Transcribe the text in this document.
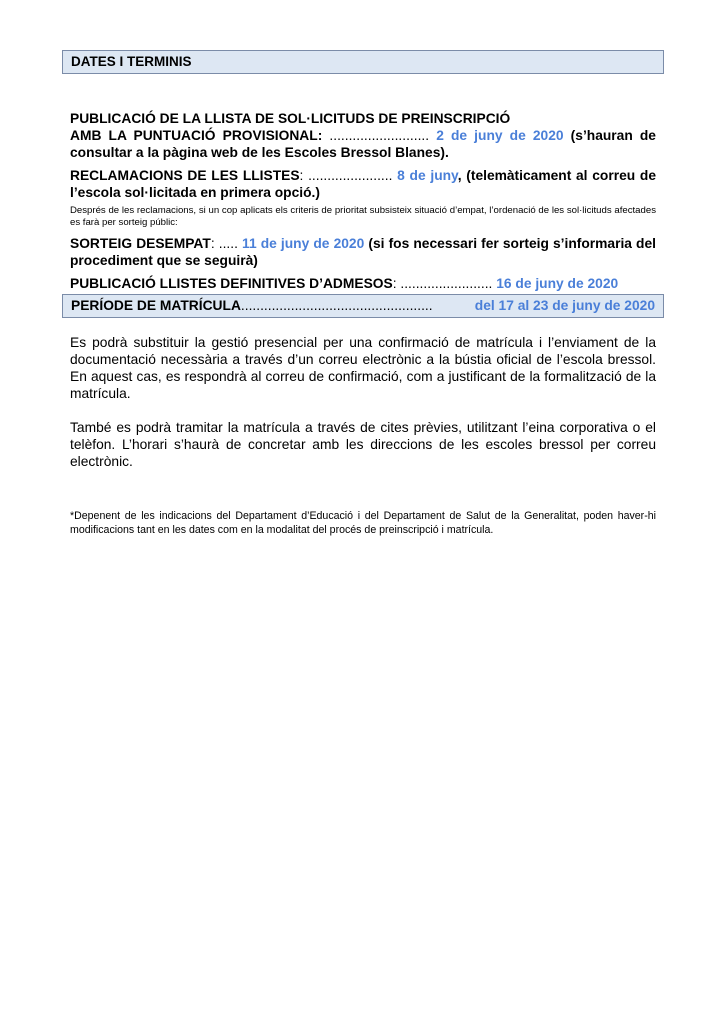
DATES I TERMINIS
PUBLICACIÓ DE LA LLISTA DE SOL·LICITUDS DE PREINSCRIPCIÓ
AMB LA PUNTUACIÓ PROVISIONAL: .......................... 2 de juny de 2020 (s’hauran de consultar a la pàgina web de les Escoles Bressol Blanes).
RECLAMACIONS DE LES LLISTES: ...................... 8 de juny, (telemàticament al correu de l’escola sol·licitada en primera opció.)
Després de les reclamacions, si un cop aplicats els criteris de prioritat subsisteix situació d’empat, l’ordenació de les sol·licituds afectades es farà per sorteig públic:
SORTEIG DESEMPAT: ..... 11 de juny de 2020 (si fos necessari fer sorteig s’informaria del procediment que se seguirà)
PUBLICACIÓ LLISTES DEFINITIVES D’ADMESOS: ........................ 16 de juny de 2020
PERÍODE DE MATRÍCULA ..................................................	del 17 al 23 de juny de 2020
Es podrà substituir la gestió presencial per una confirmació de matrícula i l’enviament de la documentació necessària a través d’un correu electrònic a la bústia oficial de l’escola bressol. En aquest cas, es respondrà al correu de confirmació, com a justificant de la formalització de la matrícula.
També es podrà tramitar la matrícula a través de cites prèvies, utilitzant l’eina corporativa o el telèfon. L’horari s’haurà de concretar amb les direccions de les escoles bressol per correu electrònic.
*Depenent de les indicacions del Departament d’Educació i del Departament de Salut de la Generalitat, poden haver-hi modificacions tant en les dates com en la modalitat del procés de preinscripció i matrícula.
